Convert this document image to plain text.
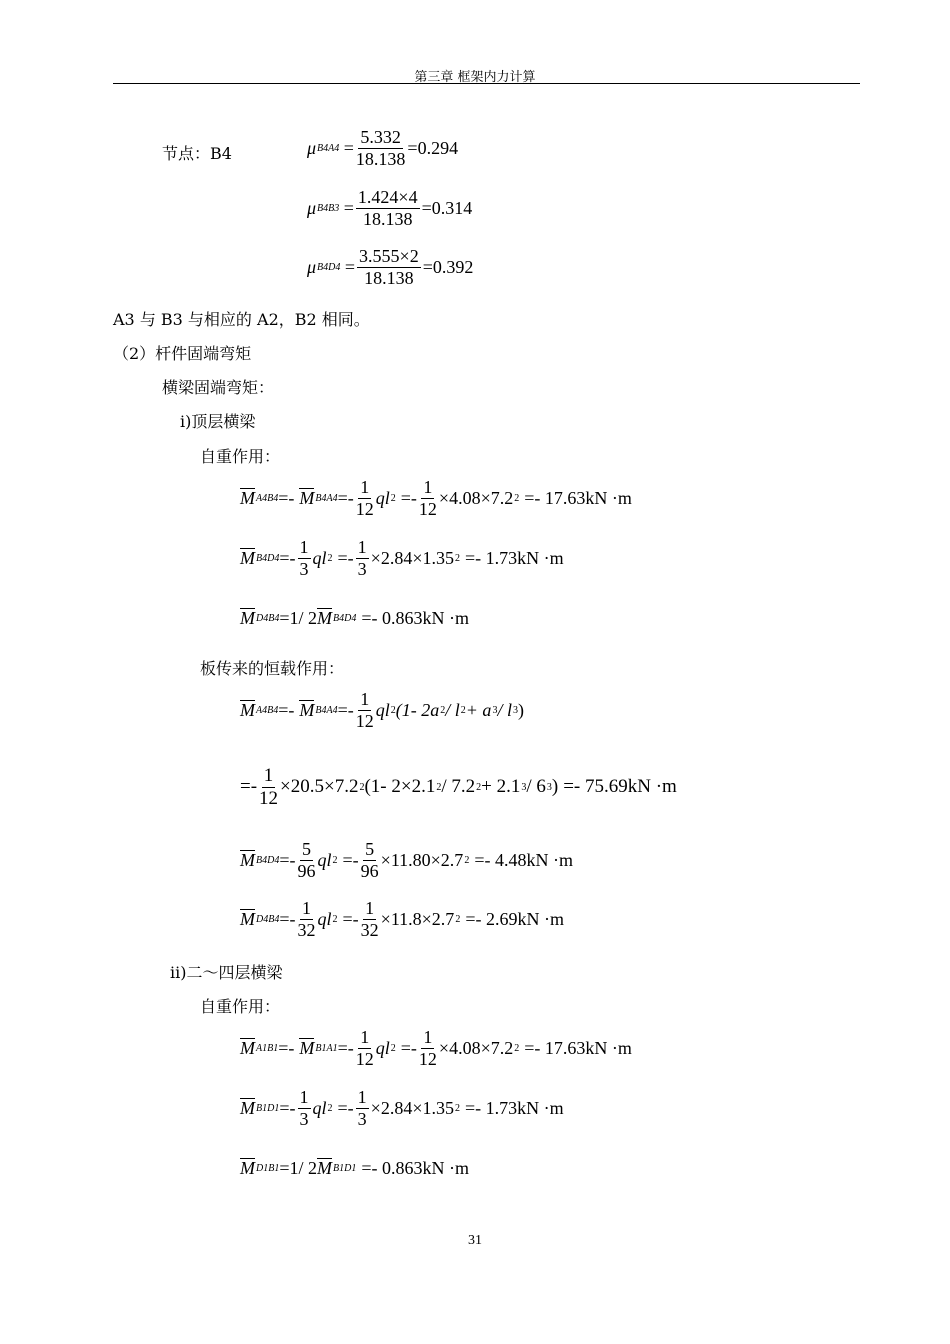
第三章 框架内力计算
节点：B4	μ $B4A4 = \frac{5.332}{18.138} =0.294$
μ $B4B3 = \frac{1.424\times 4}{18.138} =0.314$
μ $B4D4 = \frac{3.555\times 2}{18.138} =0.392$
A3 与 B3 与相应的 A2，B2 相同。
（2）杆件固端弯矩
横梁固端弯矩：
i)顶层横梁
自重作用：
M A4B4 =- M $B4A4 =- \frac{1}{12}$ ql $2 =- \frac{1}{12} \times 4.08\times 7.2$ 2 =- 17.63kN ·m
M $B4D4 =- \frac{1}{3}$ ql $2 =- \frac{1}{3} \times 2.84\times 1.35$ 2 =- 1.73kN ·m
M D4B4 =1/ 2 M B4D4 =- 0.863kN ·m
板传来的恒载作用：
M A4B4 =- M $B4A4 =- \frac{1}{12}$ ql 2 (1- 2a 2 / l 2 + a 3 / l 3 )
=- $\frac{1}{12} \times 20.5\times 7.2$ 2 (1- 2×2.1 2 / 7.2 2 + 2.1 3 / 6 3 ) =- 75.69kN ·m
M $B4D4 =- \frac{5}{96}$ ql $2 =- \frac{5}{96} \times 11.80\times 2.7$ 2 =- 4.48kN ·m
M $D4B4 =- \frac{1}{32}$ ql $2 =- \frac{1}{32} \times 11.8\times 2.7$ 2 =- 2.69kN ·m
ii)二～四层横梁
自重作用：
M A1B1 =- M $B1A1 =- \frac{1}{12}$ ql $2 =- \frac{1}{12} \times 4.08\times 7.2$ 2 =- 17.63kN ·m
M $B1D1 =- \frac{1}{3}$ ql $2 =- \frac{1}{3} \times 2.84\times 1.35$ 2 =- 1.73kN ·m
M D1B1 =1/ 2 M B1D1 =- 0.863kN ·m
31
